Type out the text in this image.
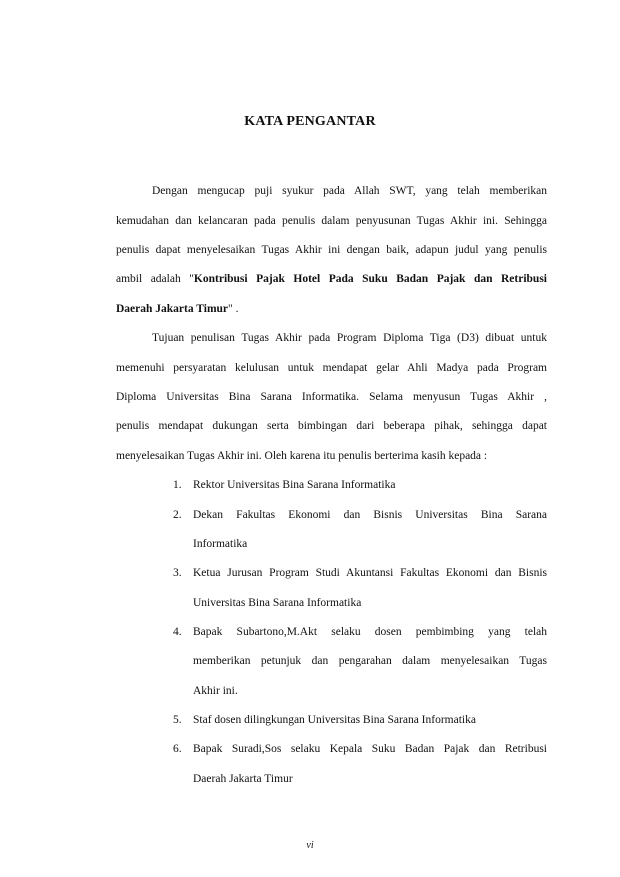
KATA PENGANTAR
Dengan mengucap puji syukur pada Allah SWT, yang telah memberikan
kemudahan dan kelancaran pada penulis dalam penyusunan Tugas Akhir ini. Sehingga
penulis dapat menyelesaikan Tugas Akhir ini dengan baik, adapun judul yang penulis
ambil adalah "Kontribusi Pajak Hotel Pada Suku Badan Pajak dan Retribusi
Daerah Jakarta Timur" .
Tujuan penulisan Tugas Akhir pada Program Diploma Tiga (D3) dibuat untuk
memenuhi persyaratan kelulusan untuk mendapat gelar Ahli Madya pada Program
Diploma Universitas Bina Sarana Informatika. Selama menyusun Tugas Akhir ,
penulis mendapat dukungan serta bimbingan dari beberapa pihak, sehingga dapat
menyelesaikan Tugas Akhir ini. Oleh karena itu penulis berterima kasih kepada :
1. Rektor Universitas Bina Sarana Informatika
2. Dekan Fakultas Ekonomi dan Bisnis Universitas Bina Sarana
Informatika
3. Ketua Jurusan Program Studi Akuntansi Fakultas Ekonomi dan Bisnis
Universitas Bina Sarana Informatika
4. Bapak Subartono,M.Akt selaku dosen pembimbing yang telah
memberikan petunjuk dan pengarahan dalam menyelesaikan Tugas
Akhir ini.
5. Staf dosen dilingkungan Universitas Bina Sarana Informatika
6. Bapak Suradi,Sos selaku Kepala Suku Badan Pajak dan Retribusi
Daerah Jakarta Timur
vi
